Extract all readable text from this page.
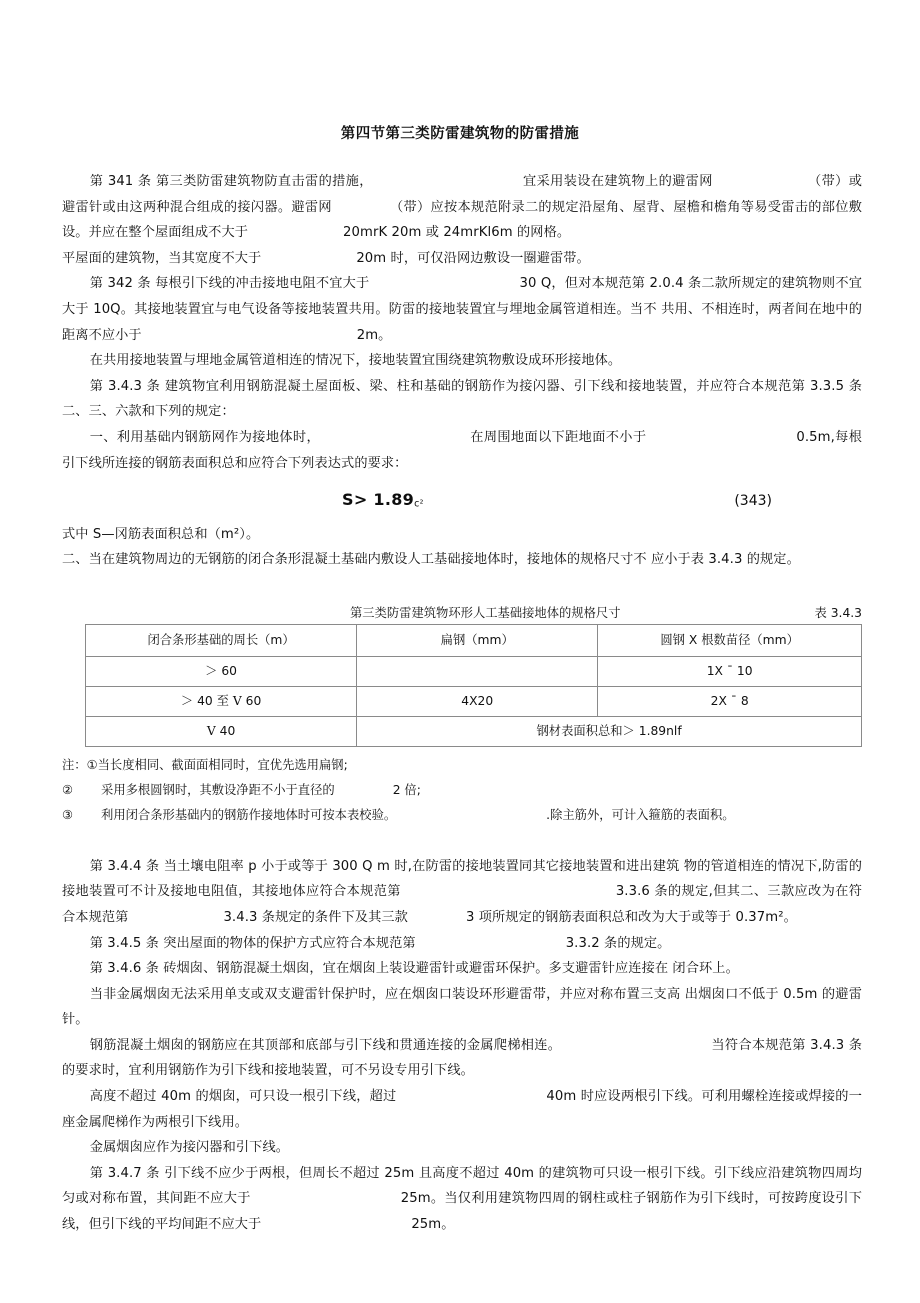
第四节第三类防雷建筑物的防雷措施

第 341 条 第三类防雷建筑物防直击雷的措施，	宜采用装设在建筑物上的避雷网	（带）或避雷针或由这两种混合组成的接闪器。避雷网	（带）应按本规范附录二的规定沿屋角、屋背、屋檐和檐角等易受雷击的部位敷设。并应在整个屋面组成不大于	20mrK 20m 或 24mrKl6m 的网格。

平屋面的建筑物，当其宽度不大于	20m 时，可仅沿网边敷设一圈避雷带。

第 342 条 每根引下线的冲击接地电阻不宜大于	30 Q，但对本规范第 2.0.4 条二款所规定的建筑物则不宜大于 10Q。其接地装置宜与电气设备等接地装置共用。防雷的接地装置宜与埋地金属管道相连。当不 共用、不相连时，两者间在地中的距离不应小于	2m。

在共用接地装置与埋地金属管道相连的情况下，接地装置宜围绕建筑物敷设成环形接地体。

第 3.4.3 条 建筑物宜利用钢筋混凝土屋面板、梁、柱和基础的钢筋作为接闪器、引下线和接地装置，并应符合本规范第 3.3.5 条二、三、六款和下列的规定：

一、利用基础内钢筋网作为接地体时，	在周围地面以下距地面不小于	0.5m,每根引下线所连接的钢筋表面积总和应符合下列表达式的要求：

$S> 1.89_{c^2}$	(343)

式中 S—冈筋表面积总和（m²）。

二、当在建筑物周边的无钢筋的闭合条形混凝土基础内敷设人工基础接地体时，接地体的规格尺寸不 应小于表 3.4.3 的规定。

第三类防雷建筑物环形人工基础接地体的规格尺寸	表 3.4.3
闭合条形基础的周长（m）	扁钢（mm）	圆钢 X 根数苗径（mm）
＞ 60		1X ˉ 10
＞ 40 至 Ⅴ 60	4X20	2X ˉ 8
Ⅴ 40	钢材表面积总和＞ 1.89nlf	
注：① 当长度相同、截面面相同时，宜优先选用扁钢;
②	采用多根圆钢时，其敷设净距不小于直径的	2 倍;
③	利用闭合条形基础内的钢筋作接地体时可按本表校验。	.除主筋外，可计入箍筋的表面积。

第 3.4.4 条 当土壤电阻率 p 小于或等于 300 Q m 时,在防雷的接地装置同其它接地装置和进出建筑 物的管道相连的情况下,防雷的接地装置可不计及接地电阻值，其接地体应符合本规范第	3.3.6 条的规定,但其二、三款应改为在符合本规范第	3.4.3 条规定的条件下及其三款	3 项所规定的钢筋表面积总和改为大于或等于 0.37m²。

第 3.4.5 条 突出屋面的物体的保护方式应符合本规范第	3.3.2 条的规定。

第 3.4.6 条 砖烟囱、钢筋混凝土烟囱，宜在烟囱上装设避雷针或避雷环保护。多支避雷针应连接在 闭合环上。

当非金属烟囱无法采用单支或双支避雷针保护时，应在烟囱口装设环形避雷带，并应对称布置三支高 出烟囱口不低于 0.5m 的避雷针。

钢筋混凝土烟囱的钢筋应在其顶部和底部与引下线和贯通连接的金属爬梯相连。	当符合本规范第 3.4.3 条的要求时，宜利用钢筋作为引下线和接地装置，可不另设专用引下线。

高度不超过 40m 的烟囱，可只设一根引下线，超过	40m 时应设两根引下线。可利用螺栓连接或焊接的一座金属爬梯作为两根引下线用。

金属烟囱应作为接闪器和引下线。

第 3.4.7 条 引下线不应少于两根，但周长不超过 25m 且高度不超过 40m 的建筑物可只设一根引下线。引下线应沿建筑物四周均匀或对称布置，其间距不应大于	25m。当仅利用建筑物四周的钢柱或柱子钢筋作为引下线时，可按跨度设引下线，但引下线的平均间距不应大于	25m。
